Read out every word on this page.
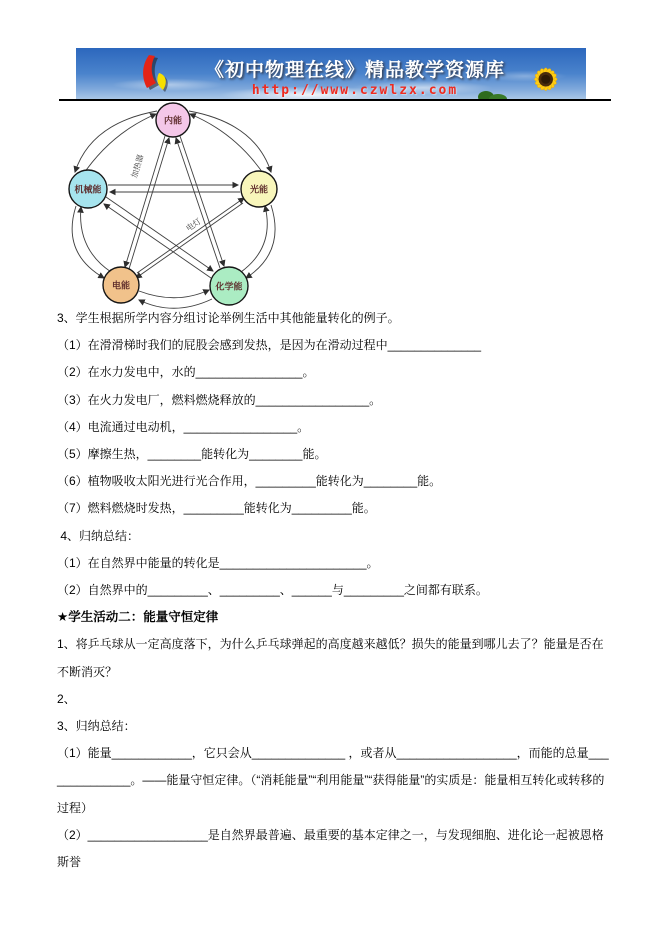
《初中物理在线》精品教学资源库
http://www.czwlzx.com
加热器
电灯
内能
机械能	光能
电能	化学能

3、学生根据所学内容分组讨论举例生活中其他能量转化的例子。

（1）在滑滑梯时我们的屁股会感到发热，是因为在滑动过程中______________

（2）在水力发电中，水的________________。

（3）在火力发电厂，燃料燃烧释放的_________________。

（4）电流通过电动机，_________________。

（5）摩擦生热，________能转化为________能。

（6）植物吸收太阳光进行光合作用，_________能转化为________能。

（7）燃料燃烧时发热，_________能转化为_________能。

4、归纳总结：

（1）在自然界中能量的转化是______________________。

（2）自然界中的_________、_________、______与_________之间都有联系。

★学生活动二：能量守恒定律

1、将乒乓球从一定高度落下，为什么乒乓球弹起的高度越来越低？损失的能量到哪儿去了？能量是否在不断消灭？

2、

3、归纳总结：

（1）能量____________，它只会从______________ ，或者从__________________，而能的总量______________。——能量守恒定律。（“消耗能量”“利用能量”“获得能量”的实质是：能量相互转化或转移的过程）

（2）__________________是自然界最普遍、最重要的基本定律之一，与发现细胞、进化论一起被恩格斯誉
